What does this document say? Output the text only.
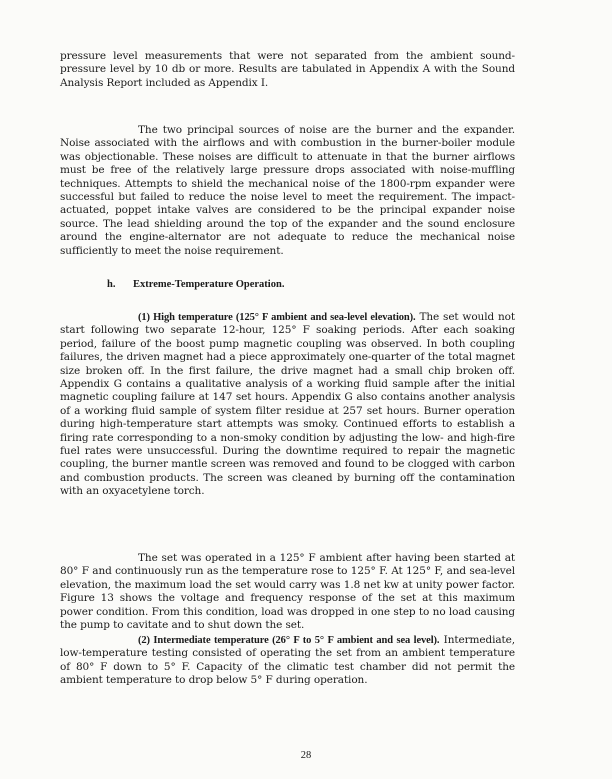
pressure level measurements that were not separated from the ambient sound-pressure level by 10 db or more. Results are tabulated in Appendix A with the Sound Analysis Report included as Appendix I.
The two principal sources of noise are the burner and the expander. Noise associated with the airflows and with combustion in the burner-boiler module was objectionable. These noises are difficult to attenuate in that the burner airflows must be free of the relatively large pressure drops associated with noise-muffling techniques. Attempts to shield the mechanical noise of the 1800-rpm expander were successful but failed to reduce the noise level to meet the requirement. The impact-actuated, poppet intake valves are considered to be the principal expander noise source. The lead shielding around the top of the expander and the sound enclosure around the engine-alternator are not adequate to reduce the mechanical noise sufficiently to meet the noise requirement.
h. Extreme-Temperature Operation.
(1) High temperature (125° F ambient and sea-level elevation). The set would not start following two separate 12-hour, 125° F soaking periods. After each soaking period, failure of the boost pump magnetic coupling was observed. In both coupling failures, the driven magnet had a piece approximately one-quarter of the total magnet size broken off. In the first failure, the drive magnet had a small chip broken off. Appendix G contains a qualitative analysis of a working fluid sample after the initial magnetic coupling failure at 147 set hours. Appendix G also contains another analysis of a working fluid sample of system filter residue at 257 set hours. Burner operation during high-temperature start attempts was smoky. Continued efforts to establish a firing rate corresponding to a non-smoky condition by adjusting the low- and high-fire fuel rates were unsuccessful. During the downtime required to repair the magnetic coupling, the burner mantle screen was removed and found to be clogged with carbon and combustion products. The screen was cleaned by burning off the contamination with an oxyacetylene torch.
The set was operated in a 125° F ambient after having been started at 80° F and continuously run as the temperature rose to 125° F. At 125° F, and sea-level elevation, the maximum load the set would carry was 1.8 net kw at unity power factor. Figure 13 shows the voltage and frequency response of the set at this maximum power condition. From this condition, load was dropped in one step to no load causing the pump to cavitate and to shut down the set.
(2) Intermediate temperature (26° F to 5° F ambient and sea level). Intermediate, low-temperature testing consisted of operating the set from an ambient temperature of 80° F down to 5° F. Capacity of the climatic test chamber did not permit the ambient temperature to drop below 5° F during operation.
28
